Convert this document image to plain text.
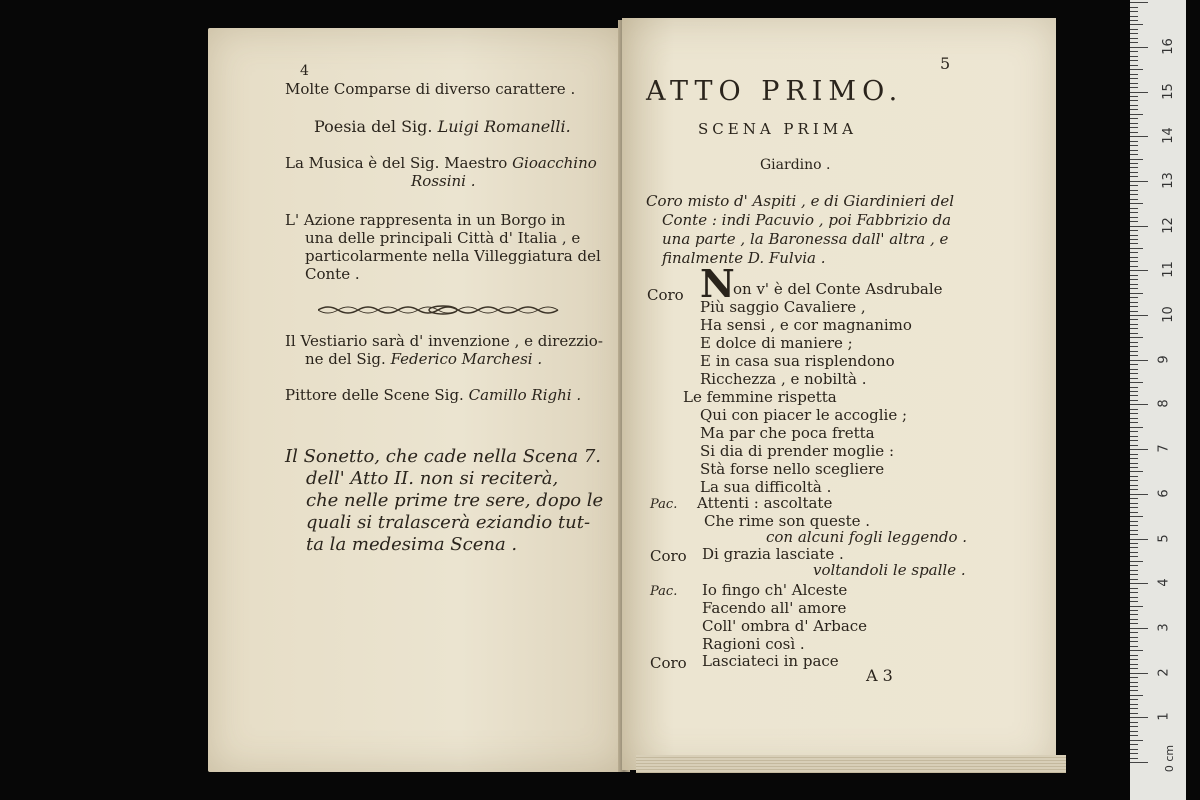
4
Molte Comparse di diverso carattere .
Poesia del Sig. Luigi Romanelli.
La Musica è del Sig. Maestro Gioacchino
Rossini .
L' Azione rappresenta in un Borgo in
una delle principali Città d' Italia , e
particolarmente nella Villeggiatura del
Conte .
Il Vestiario sarà d' invenzione , e direzzio-
ne del Sig. Federico Marchesi .
Pittore delle Scene Sig. Camillo Righi .
Il Sonetto, che cade nella Scena 7.
dell' Atto II. non si reciterà,
che nelle prime tre sere, dopo le
quali si tralascerà eziandio tut-
ta la medesima Scena .
5
ATTO PRIMO.
SCENA PRIMA
Giardino .
Coro misto d' Aspiti , e di Giardinieri del
Conte : indi Pacuvio , poi Fabbrizio da
una parte , la Baronessa dall' altra , e
finalmente D. Fulvia .
N
Coro	on v' è del Conte Asdrubale
Più saggio Cavaliere ,
Ha sensi , e cor magnanimo
E dolce di maniere ;
E in casa sua risplendono
Ricchezza , e nobiltà .
Le femmine rispetta
Qui con piacer le accoglie ;
Ma par che poca fretta
Si dia di prender moglie :
Stà forse nello scegliere
La sua difficoltà .
Pac. Attenti : ascoltate
Che rime son queste .
con alcuni fogli leggendo .
Coro Di grazia lasciate .
voltandoli le spalle .
Pac. Io fingo ch' Alceste
Facendo all' amore
Coll' ombra d' Arbace
Ragioni così .
Coro Lasciateci in pace
A 3
0 cm
1
2
3
4
5
6
7
8
9
10
11
12
13
14
15
16
